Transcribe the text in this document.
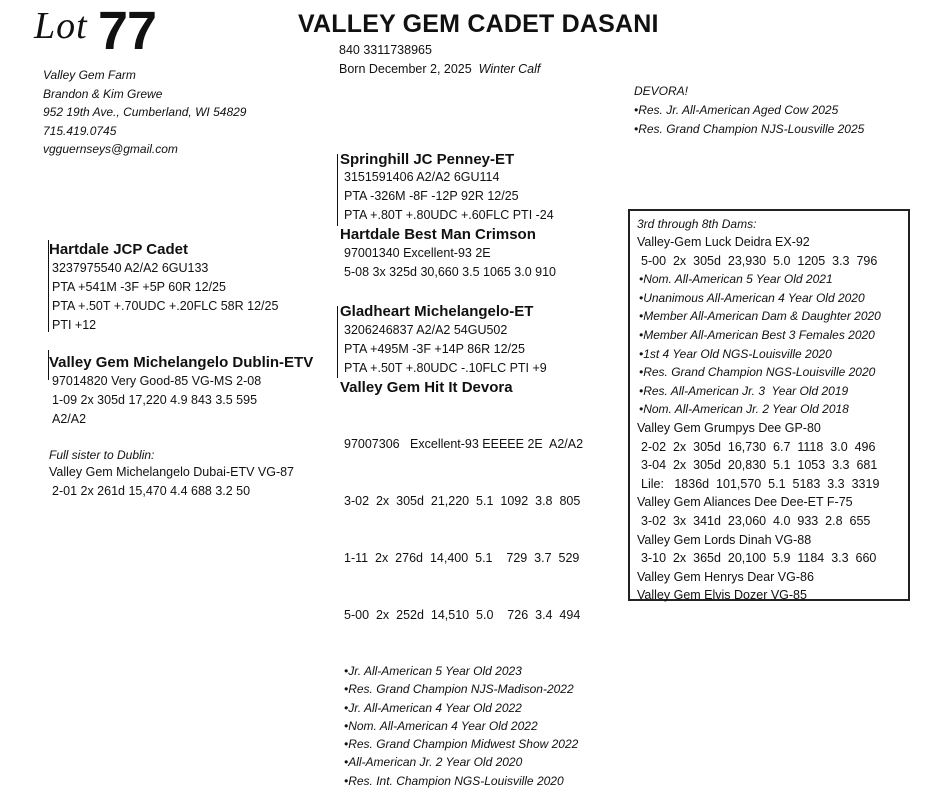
Lot 77	VALLEY GEM CADET DASANI
840 3311738965
Born December 2, 2025 Winter Calf
Valley Gem Farm
Brandon & Kim Grewe
952 19th Ave., Cumberland, WI 54829
715.419.0745
vgguernseys@gmail.com
DEVORA!
•Res. Jr. All-American Aged Cow 2025
•Res. Grand Champion NJS-Lousville 2025
Hartdale JCP Cadet
3237975540 A2/A2 6GU133
PTA +541M -3F +5P 60R 12/25
PTA +.50T +.70UDC +.20FLC 58R 12/25
PTI +12
Valley Gem Michelangelo Dublin-ETV
97014820 Very Good-85 VG-MS 2-08
1-09 2x 305d 17,220 4.9 843 3.5 595
A2/A2
Full sister to Dublin:
Valley Gem Michelangelo Dubai-ETV VG-87
2-01 2x 261d 15,470 4.4 688 3.2 50
Springhill JC Penney-ET
3151591406 A2/A2 6GU114
PTA -326M -8F -12P 92R 12/25
PTA +.80T +.80UDC +.60FLC PTI -24
Hartdale Best Man Crimson
97001340 Excellent-93 2E
5-08 3x 325d 30,660 3.5 1065 3.0 910
Gladheart Michelangelo-ET
3206246837 A2/A2 54GU502
PTA +495M -3F +14P 86R 12/25
PTA +.50T +.80UDC -.10FLC PTI +9
Valley Gem Hit It Devora

97007306   Excellent-93 EEEEE 2E  A2/A2

3-02  2x  305d  21,220  5.1  1092  3.8  805

1-11  2x  276d  14,400  5.1    729  3.7  529

5-00  2x  252d  14,510  5.0    726  3.4  494

•Jr. All-American 5 Year Old 2023
•Res. Grand Champion NJS-Madison-2022
•Jr. All-American 4 Year Old 2022
•Nom. All-American 4 Year Old 2022
•Res. Grand Champion Midwest Show 2022
•All-American Jr. 2 Year Old 2020
•Res. Int. Champion NGS-Louisville 2020
3rd through 8th Dams:
Valley-Gem Luck Deidra EX-92
5-00  2x  305d  23,930  5.0  1205  3.3  796
•Nom. All-American 5 Year Old 2021
•Unanimous All-American 4 Year Old 2020
•Member All-American Dam & Daughter 2020
•Member All-American Best 3 Females 2020
•1st 4 Year Old NGS-Louisville 2020
•Res. Grand Champion NGS-Louisville 2020
•Res. All-American Jr. 3  Year Old 2019
•Nom. All-American Jr. 2 Year Old 2018
Valley Gem Grumpys Dee GP-80
2-02  2x  305d  16,730  6.7  1118  3.0  496
3-04  2x  305d  20,830  5.1  1053  3.3  681
Lile:   1836d  101,570  5.1  5183  3.3  3319
Valley Gem Aliances Dee Dee-ET F-75
3-02  3x  341d  23,060  4.0  933  2.8  655
Valley Gem Lords Dinah VG-88
3-10  2x  365d  20,100  5.9  1184  3.3  660
Valley Gem Henrys Dear VG-86
Valley Gem Elvis Dozer VG-85
